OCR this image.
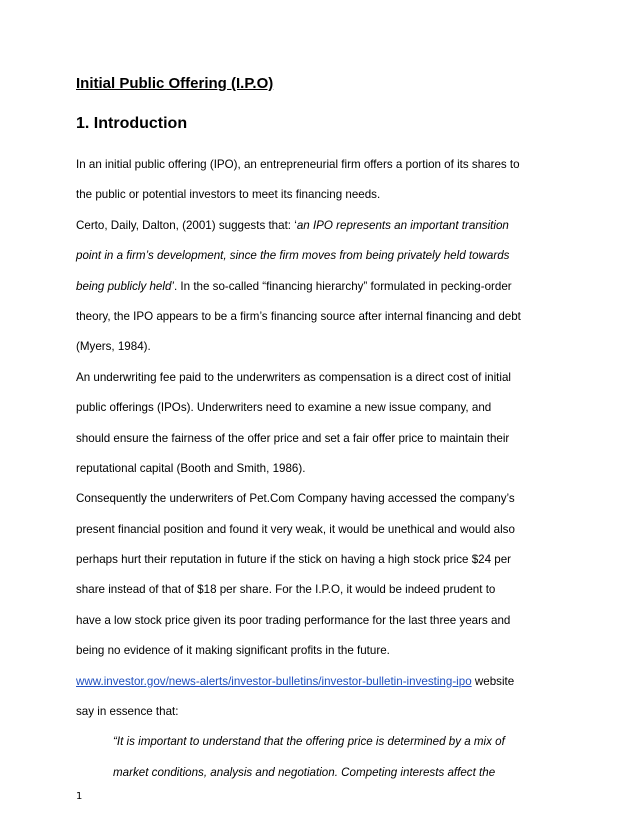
Initial Public Offering (I.P.O)
1. Introduction
In an initial public offering (IPO), an entrepreneurial firm offers a portion of its shares to
the public or potential investors to meet its financing needs.
Certo, Daily, Dalton, (2001) suggests that: ‘an IPO represents an important transition
point in a firm’s development, since the firm moves from being privately held towards
being publicly held’. In the so-called “financing hierarchy” formulated in pecking-order
theory, the IPO appears to be a firm’s financing source after internal financing and debt
(Myers, 1984).
An underwriting fee paid to the underwriters as compensation is a direct cost of initial
public offerings (IPOs). Underwriters need to examine a new issue company, and
should ensure the fairness of the offer price and set a fair offer price to maintain their
reputational capital (Booth and Smith, 1986).
Consequently the underwriters of Pet.Com Company having accessed the company’s
present financial position and found it very weak, it would be unethical and would also
perhaps hurt their reputation in future if the stick on having a high stock price $24 per
share instead of that of $18 per share. For the I.P.O, it would be indeed prudent to
have a low stock price given its poor trading performance for the last three years and
being no evidence of it making significant profits in the future.
www.investor.gov/news-alerts/investor-bulletins/investor-bulletin-investing-ipo website
say in essence that:
“It is important to understand that the offering price is determined by a mix of
market conditions, analysis and negotiation. Competing interests affect the
1
